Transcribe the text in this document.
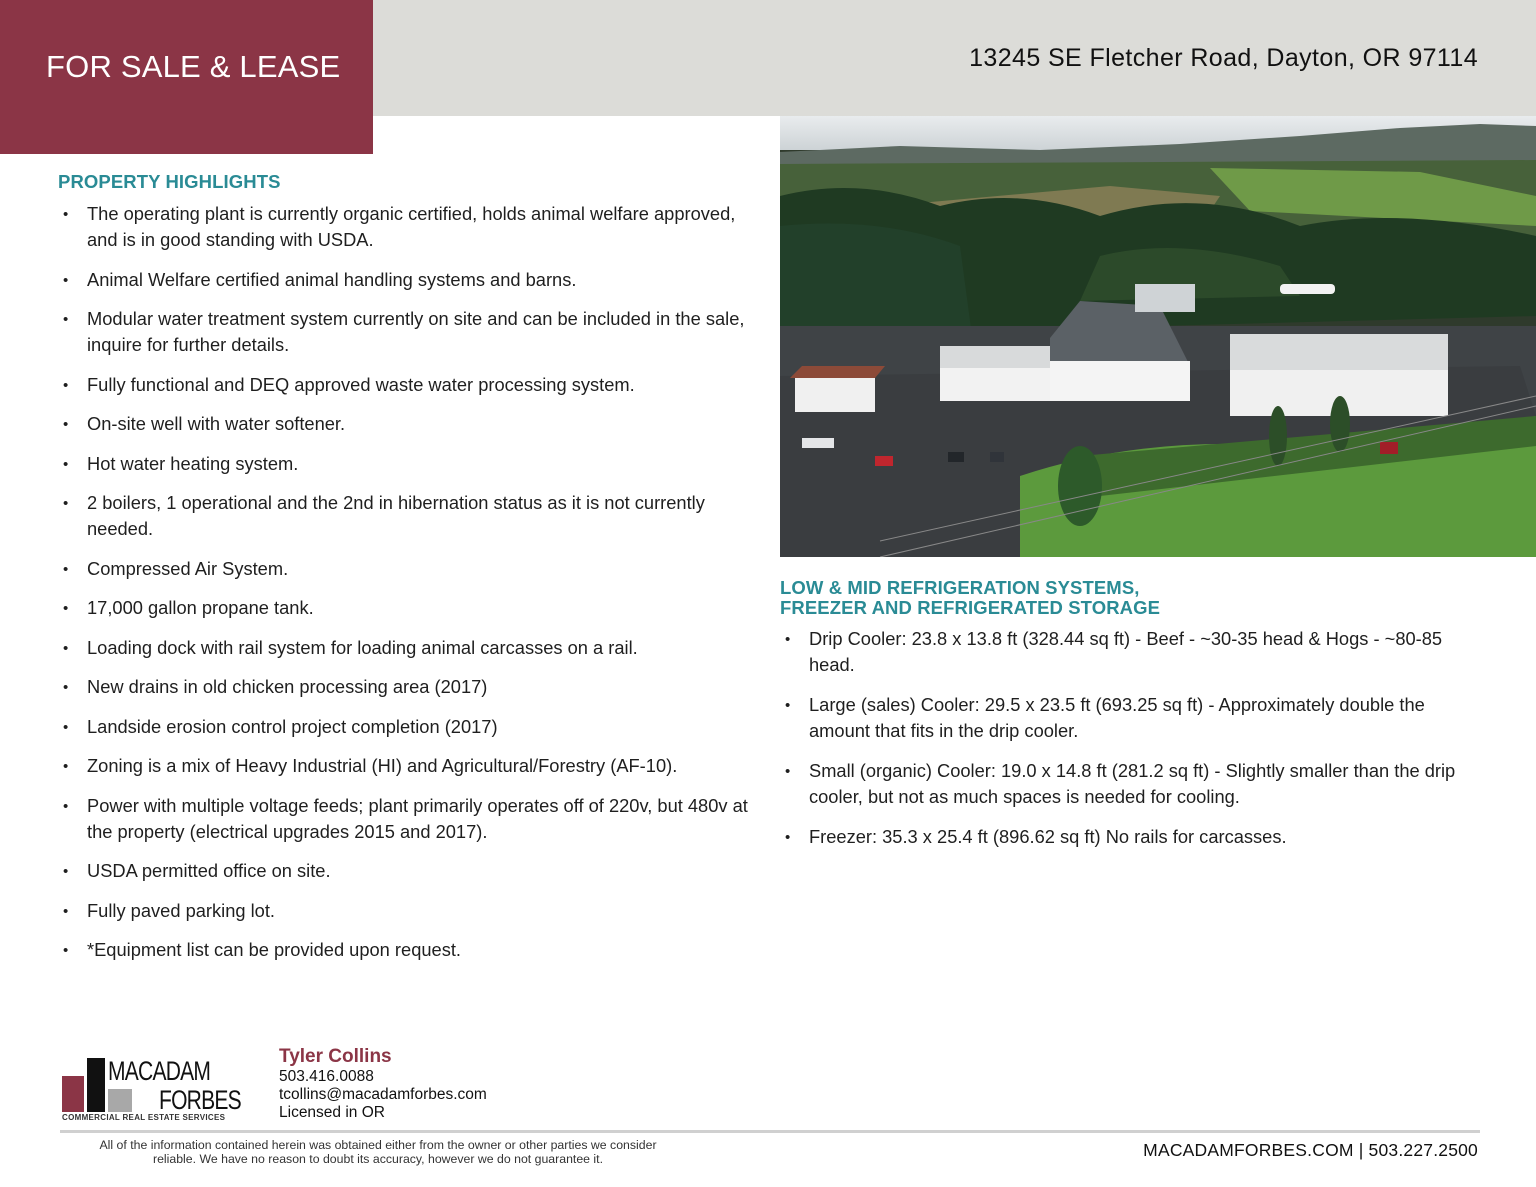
FOR SALE & LEASE	13245 SE Fletcher Road, Dayton, OR 97114
PROPERTY HIGHLIGHTS
• The operating plant is currently organic certified, holds animal welfare approved, and is in good standing with USDA.
• Animal Welfare certified animal handling systems and barns.
• Modular water treatment system currently on site and can be included in the sale, inquire for further details.
• Fully functional and DEQ approved waste water processing system.
• On-site well with water softener.
• Hot water heating system.
• 2 boilers, 1 operational and the 2nd in hibernation status as it is not currently needed.
• Compressed Air System.
• 17,000 gallon propane tank.
• Loading dock with rail system for loading animal carcasses on a rail.
• New drains in old chicken processing area (2017)
• Landside erosion control project completion (2017)
• Zoning is a mix of Heavy Industrial (HI) and Agricultural/Forestry (AF-10).
• Power with multiple voltage feeds; plant primarily operates off of 220v, but 480v at the property (electrical upgrades 2015 and 2017).
• USDA permitted office on site.
• Fully paved parking lot.
• *Equipment list can be provided upon request.
LOW & MID REFRIGERATION SYSTEMS,
FREEZER AND REFRIGERATED STORAGE
• Drip Cooler: 23.8 x 13.8 ft (328.44 sq ft) - Beef - ~30-35 head & Hogs - ~80-85 head.
• Large (sales) Cooler: 29.5 x 23.5 ft (693.25 sq ft) - Approximately double the amount that fits in the drip cooler.
• Small (organic) Cooler: 19.0 x 14.8 ft (281.2 sq ft) - Slightly smaller than the drip cooler, but not as much spaces is needed for cooling.
• Freezer: 35.3 x 25.4 ft (896.62 sq ft) No rails for carcasses.
MACADAM
FORBES
COMMERCIAL REAL ESTATE SERVICES
Tyler Collins
503.416.0088
tcollins@macadamforbes.com
Licensed in OR
All of the information contained herein was obtained either from the owner or other parties we consider
reliable. We have no reason to doubt its accuracy, however we do not guarantee it.	MACADAMFORBES.COM | 503.227.2500
